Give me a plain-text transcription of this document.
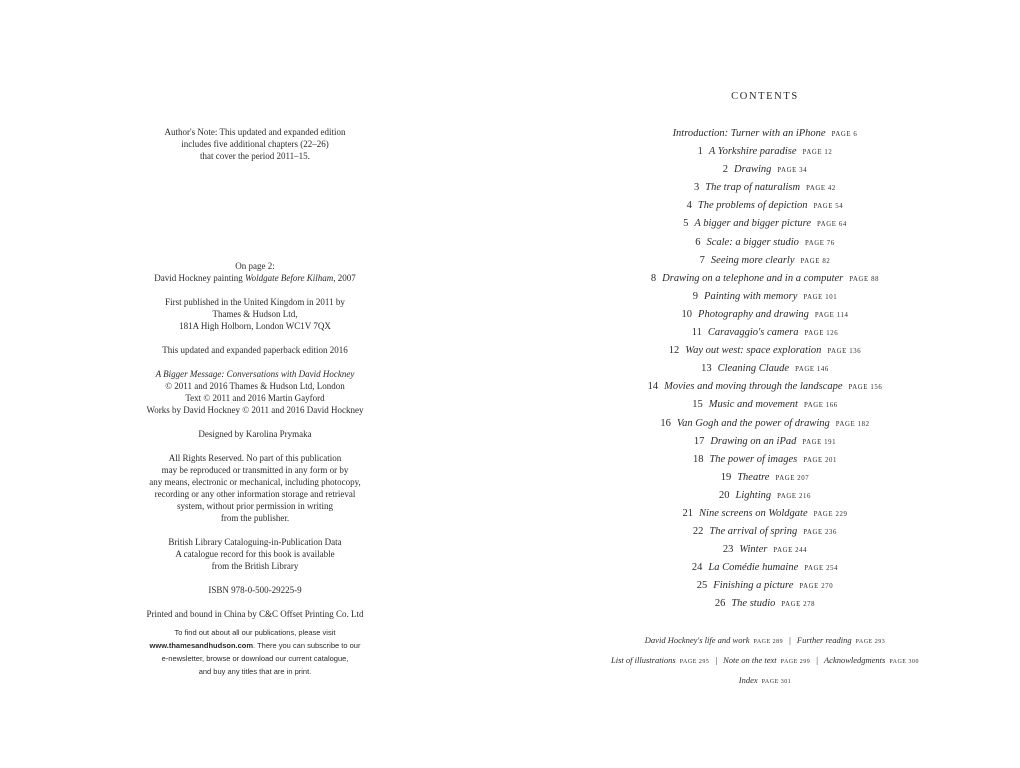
Author's Note: This updated and expanded edition
includes five additional chapters (22–26)
that cover the period 2011–15.

On page 2:
David Hockney painting Woldgate Before Kilham, 2007

First published in the United Kingdom in 2011 by
Thames & Hudson Ltd,
181A High Holborn, London WC1V 7QX

This updated and expanded paperback edition 2016

A Bigger Message: Conversations with David Hockney
© 2011 and 2016 Thames & Hudson Ltd, London
Text © 2011 and 2016 Martin Gayford
Works by David Hockney © 2011 and 2016 David Hockney

Designed by Karolina Prymaka

All Rights Reserved. No part of this publication
may be reproduced or transmitted in any form or by
any means, electronic or mechanical, including photocopy,
recording or any other information storage and retrieval
system, without prior permission in writing
from the publisher.

British Library Cataloguing-in-Publication Data
A catalogue record for this book is available
from the British Library

ISBN 978-0-500-29225-9

Printed and bound in China by C&C Offset Printing Co. Ltd

To find out about all our publications, please visit
www.thamesandhudson.com. There you can subscribe to our
e-newsletter, browse or download our current catalogue,
and buy any titles that are in print.
CONTENTS
Introduction: Turner with an iPhone PAGE 6
1 A Yorkshire paradise PAGE 12
2 Drawing PAGE 34
3 The trap of naturalism PAGE 42
4 The problems of depiction PAGE 54
5 A bigger and bigger picture PAGE 64
6 Scale: a bigger studio PAGE 76
7 Seeing more clearly PAGE 82
8 Drawing on a telephone and in a computer PAGE 88
9 Painting with memory PAGE 101
10 Photography and drawing PAGE 114
11 Caravaggio's camera PAGE 126
12 Way out west: space exploration PAGE 136
13 Cleaning Claude PAGE 146
14 Movies and moving through the landscape PAGE 156
15 Music and movement PAGE 166
16 Van Gogh and the power of drawing PAGE 182
17 Drawing on an iPad PAGE 191
18 The power of images PAGE 201
19 Theatre PAGE 207
20 Lighting PAGE 216
21 Nine screens on Woldgate PAGE 229
22 The arrival of spring PAGE 236
23 Winter PAGE 244
24 La Comédie humaine PAGE 254
25 Finishing a picture PAGE 270
26 The studio PAGE 278
David Hockney's life and work PAGE 289 | Further reading PAGE 293
List of illustrations PAGE 295 | Note on the text PAGE 299 | Acknowledgments PAGE 300
Index PAGE 301
